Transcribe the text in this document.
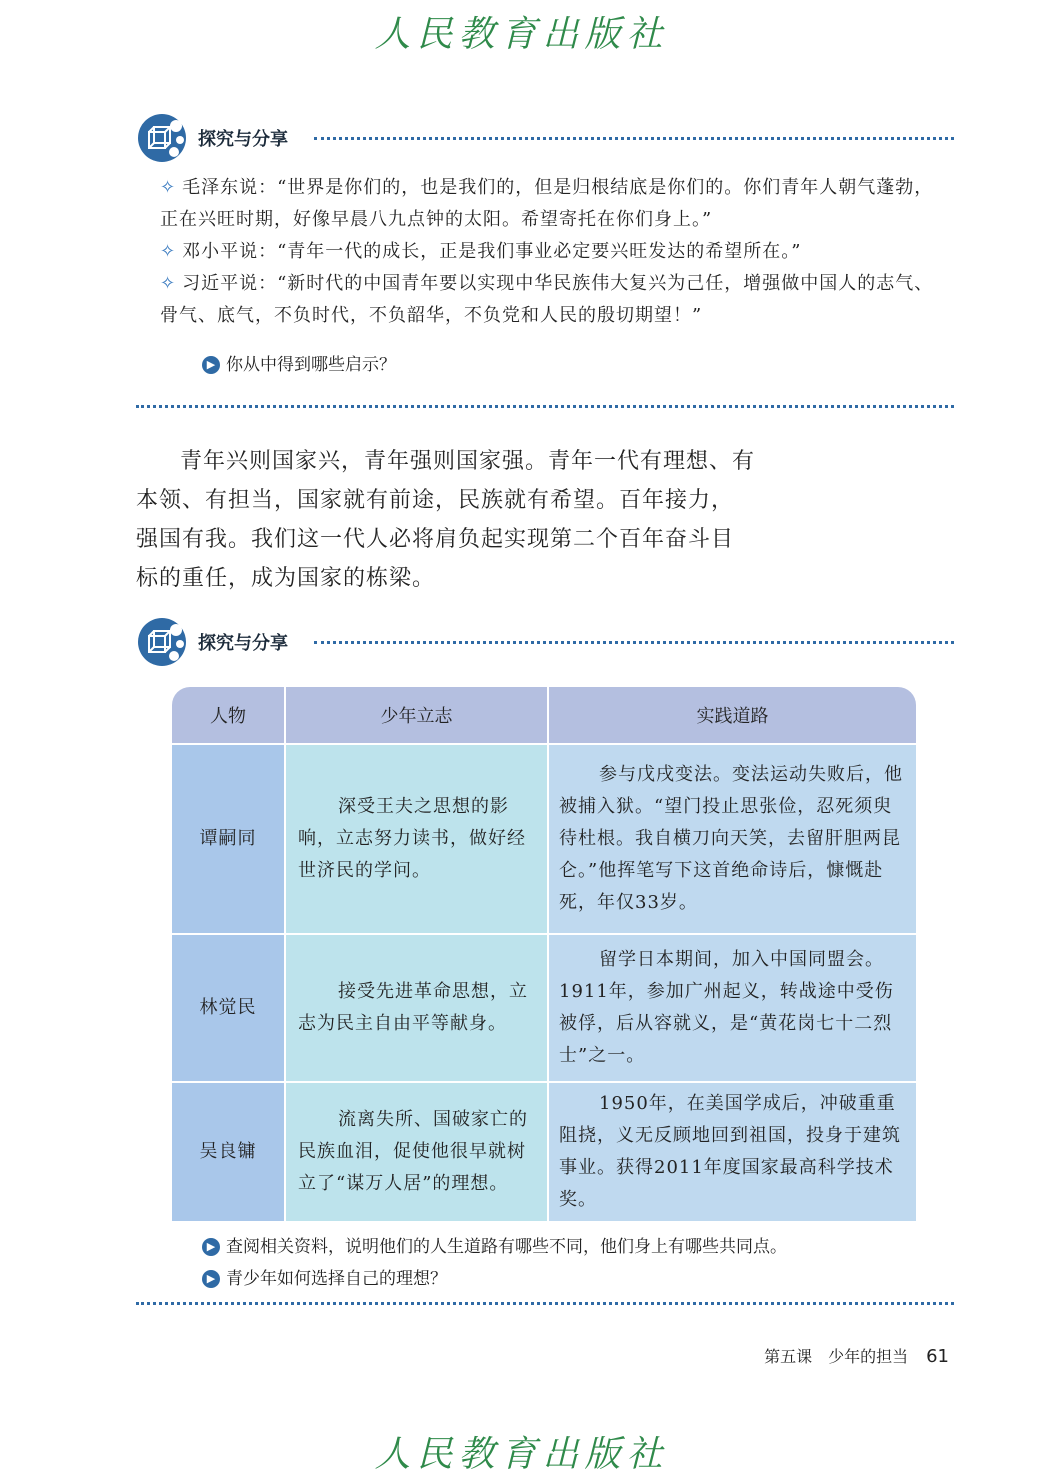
人民教育出版社
探究与分享
✧ 毛泽东说：“世界是你们的，也是我们的，但是归根结底是你们的。你们青年人朝气蓬勃，正在兴旺时期，好像早晨八九点钟的太阳。希望寄托在你们身上。”
✧ 邓小平说：“青年一代的成长，正是我们事业必定要兴旺发达的希望所在。”
✧ 习近平说：“新时代的中国青年要以实现中华民族伟大复兴为己任，增强做中国人的志气、骨气、底气，不负时代，不负韶华，不负党和人民的殷切期望！”
▶ 你从中得到哪些启示？

青年兴则国家兴，青年强则国家强。青年一代有理想、有本领、有担当，国家就有前途，民族就有希望。百年接力，强国有我。我们这一代人必将肩负起实现第二个百年奋斗目标的重任，成为国家的栋梁。

探究与分享
人物	少年立志	实践道路
谭嗣同	深受王夫之思想的影响，立志努力读书，做好经世济民的学问。	参与戊戌变法。变法运动失败后，他被捕入狱。“望门投止思张俭，忍死须臾待杜根。我自横刀向天笑，去留肝胆两昆仑。”他挥笔写下这首绝命诗后，慷慨赴死，年仅33岁。

林觉民	接受先进革命思想，立志为民主自由平等献身。	留学日本期间，加入中国同盟会。1911年，参加广州起义，转战途中受伤被俘，后从容就义，是“黄花岗七十二烈士”之一。

吴良镛	流离失所、国破家亡的民族血泪，促使他很早就树立了“谋万人居”的理想。	1950年，在美国学成后，冲破重重阻挠，义无反顾地回到祖国，投身于建筑事业。获得2011年度国家最高科学技术奖。
▶ 查阅相关资料，说明他们的人生道路有哪些不同，他们身上有哪些共同点。
▶ 青少年如何选择自己的理想？
第五课　少年的担当 61
人民教育出版社
